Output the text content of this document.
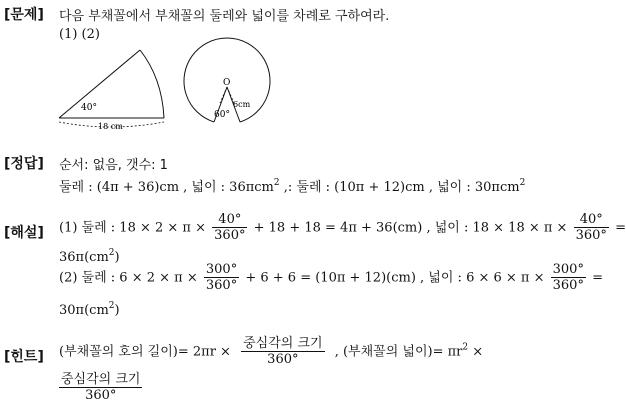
[문제] 다음 부채꼴에서 부채꼴의 둘레와 넓이를 차례로 구하여라.
(1) (2)
40°
18 cm
O
6cm
60°
[정답] 순서: 없음, 갯수: 1
둘레 : (4π + 36)cm , 넓이 : 36πcm$^2$ ,: 둘레 : (10π + 12)cm , 넓이 : 30πcm$^2$
[해설] (1) 둘레 : $18 \times 2 \times \pi \times \frac{40^\circ}{360^\circ} + 18 + 18 = 4\pi + 36(cm)$ , 넓이 : $18 \times 18 \times \pi \times \frac{40^\circ}{360^\circ}$ =
$36\pi(cm^2)$
(2) 둘레 : $6 \times 2 \times \pi \times \frac{300^\circ}{360^\circ} + 6 + 6 = (10\pi + 12)(cm)$ , 넓이 : $6 \times 6 \times \pi \times \frac{300^\circ}{360^\circ}$ =
$30\pi(cm^2)$
[힌트] (부채꼴의 호의 길이)= $2\pi r \times \frac{\text{중심각의 크기}}{360^\circ}$ , (부채꼴의 넓이)= $\pi r^2$ ×
$\frac{\text{중심각의 크기}}{360^\circ}$
